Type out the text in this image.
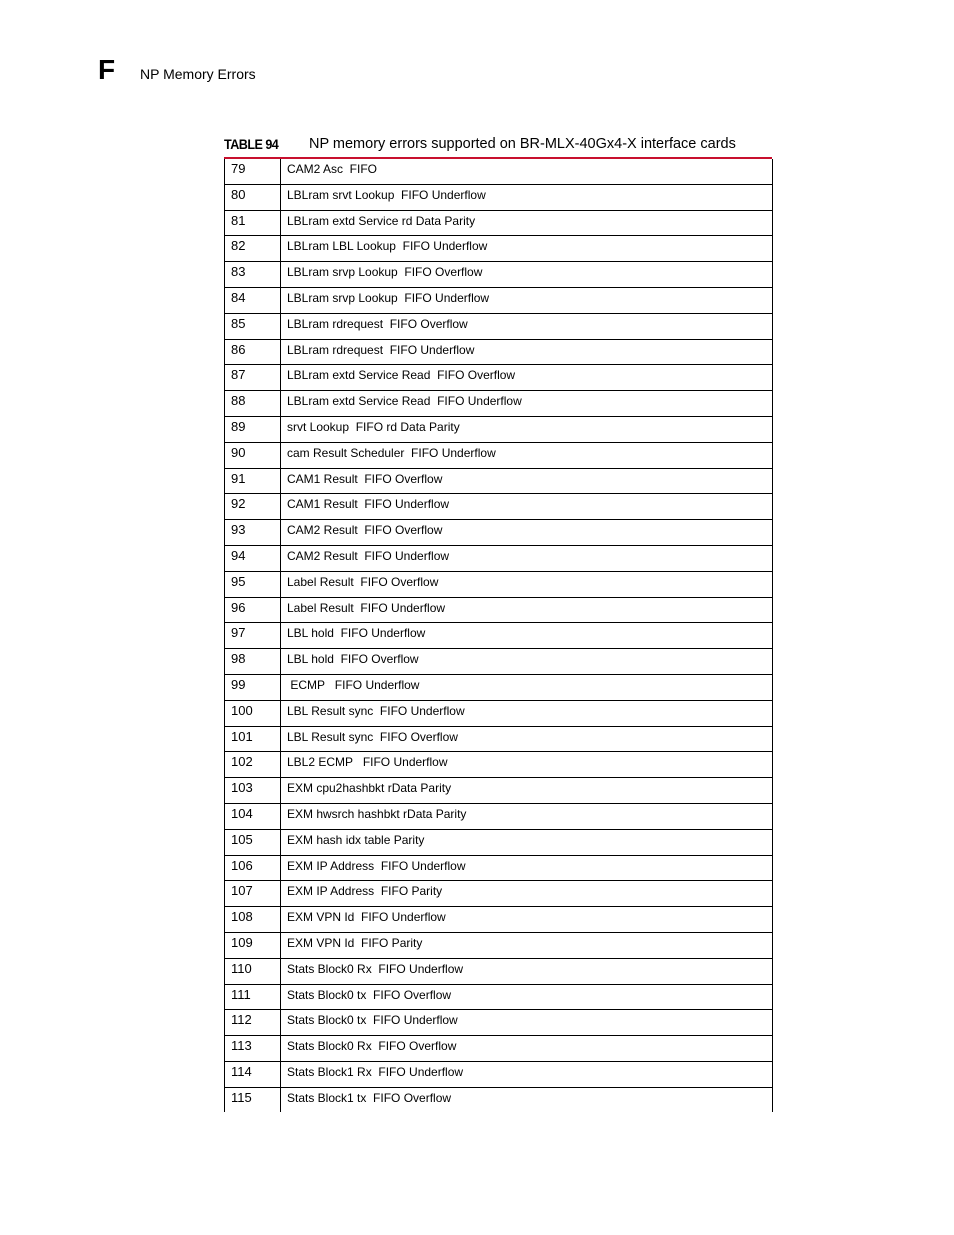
F NP Memory Errors
TABLE 94 NP memory errors supported on BR-MLX-40Gx4-X interface cards
79	CAM2 Asc  FIFO
80	LBLram srvt Lookup  FIFO Underflow
81	LBLram extd Service rd Data Parity
82	LBLram LBL Lookup  FIFO Underflow
83	LBLram srvp Lookup  FIFO Overflow
84	LBLram srvp Lookup  FIFO Underflow
85	LBLram rdrequest  FIFO Overflow
86	LBLram rdrequest  FIFO Underflow
87	LBLram extd Service Read  FIFO Overflow
88	LBLram extd Service Read  FIFO Underflow
89	srvt Lookup  FIFO rd Data Parity
90	cam Result Scheduler  FIFO Underflow
91	CAM1 Result  FIFO Overflow
92	CAM1 Result  FIFO Underflow
93	CAM2 Result  FIFO Overflow
94	CAM2 Result  FIFO Underflow
95	Label Result  FIFO Overflow
96	Label Result  FIFO Underflow
97	LBL hold  FIFO Underflow
98	LBL hold  FIFO Overflow
99	ECMP   FIFO Underflow
100	LBL Result sync  FIFO Underflow
101	LBL Result sync  FIFO Overflow
102	LBL2 ECMP   FIFO Underflow
103	EXM cpu2hashbkt rData Parity
104	EXM hwsrch hashbkt rData Parity
105	EXM hash idx table Parity
106	EXM IP Address  FIFO Underflow
107	EXM IP Address  FIFO Parity
108	EXM VPN Id  FIFO Underflow
109	EXM VPN Id  FIFO Parity
110	Stats Block0 Rx  FIFO Underflow
111	Stats Block0 tx  FIFO Overflow
112	Stats Block0 tx  FIFO Underflow
113	Stats Block0 Rx  FIFO Overflow
114	Stats Block1 Rx  FIFO Underflow
115	Stats Block1 tx  FIFO Overflow
